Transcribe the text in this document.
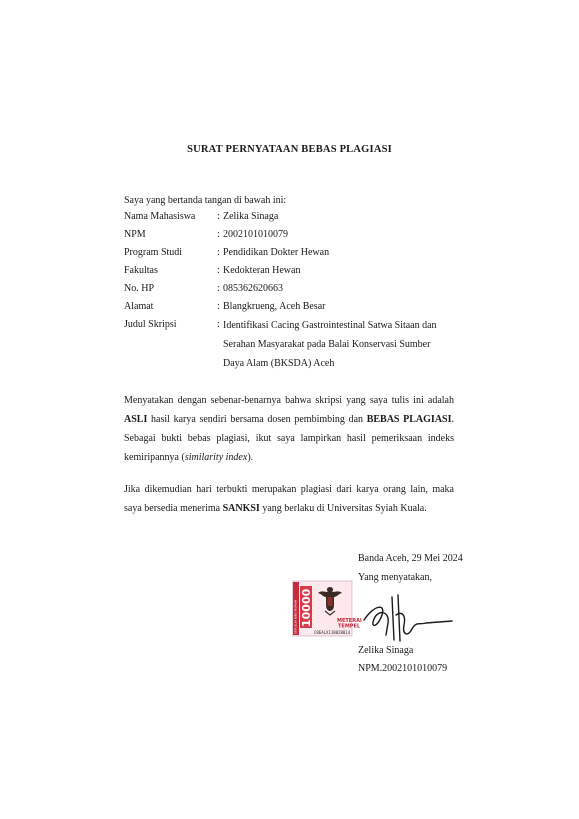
SURAT PERNYATAAN BEBAS PLAGIASI
Saya yang bertanda tangan di bawah ini:
Nama Mahasiswa	: Zelika Sinaga
NPM	: 2002101010079
Program Studi	: Pendidikan Dokter Hewan
Fakultas	: Kedokteran Hewan
No. HP	: 085362620663
Alamat	: Blangkrueng, Aceh Besar
Judul Skripsi	: Identifikasi Cacing Gastrointestinal Satwa Sitaan dan Serahan Masyarakat pada Balai Konservasi Sumber Daya Alam (BKSDA) Aceh
Menyatakan dengan sebenar-benarnya bahwa skripsi yang saya tulis ini adalah ASLI hasil karya sendiri bersama dosen pembimbing dan BEBAS PLAGIASI. Sebagai bukti bebas plagiasi, ikut saya lampirkan hasil pemeriksaan indeks kemiripannya (similarity index).
Jika dikemudian hari terbukti merupakan plagiasi dari karya orang lain, maka saya bersedia menerima SANKSI yang berlaku di Universitas Syiah Kuala.
Banda Aceh, 29 Mei 2024
Yang menyatakan,
SEPULUH RIBU RUPIAH 10000	METERAI
TEMPEL
C8EALX118028814
Zelika Sinaga
NPM.2002101010079
